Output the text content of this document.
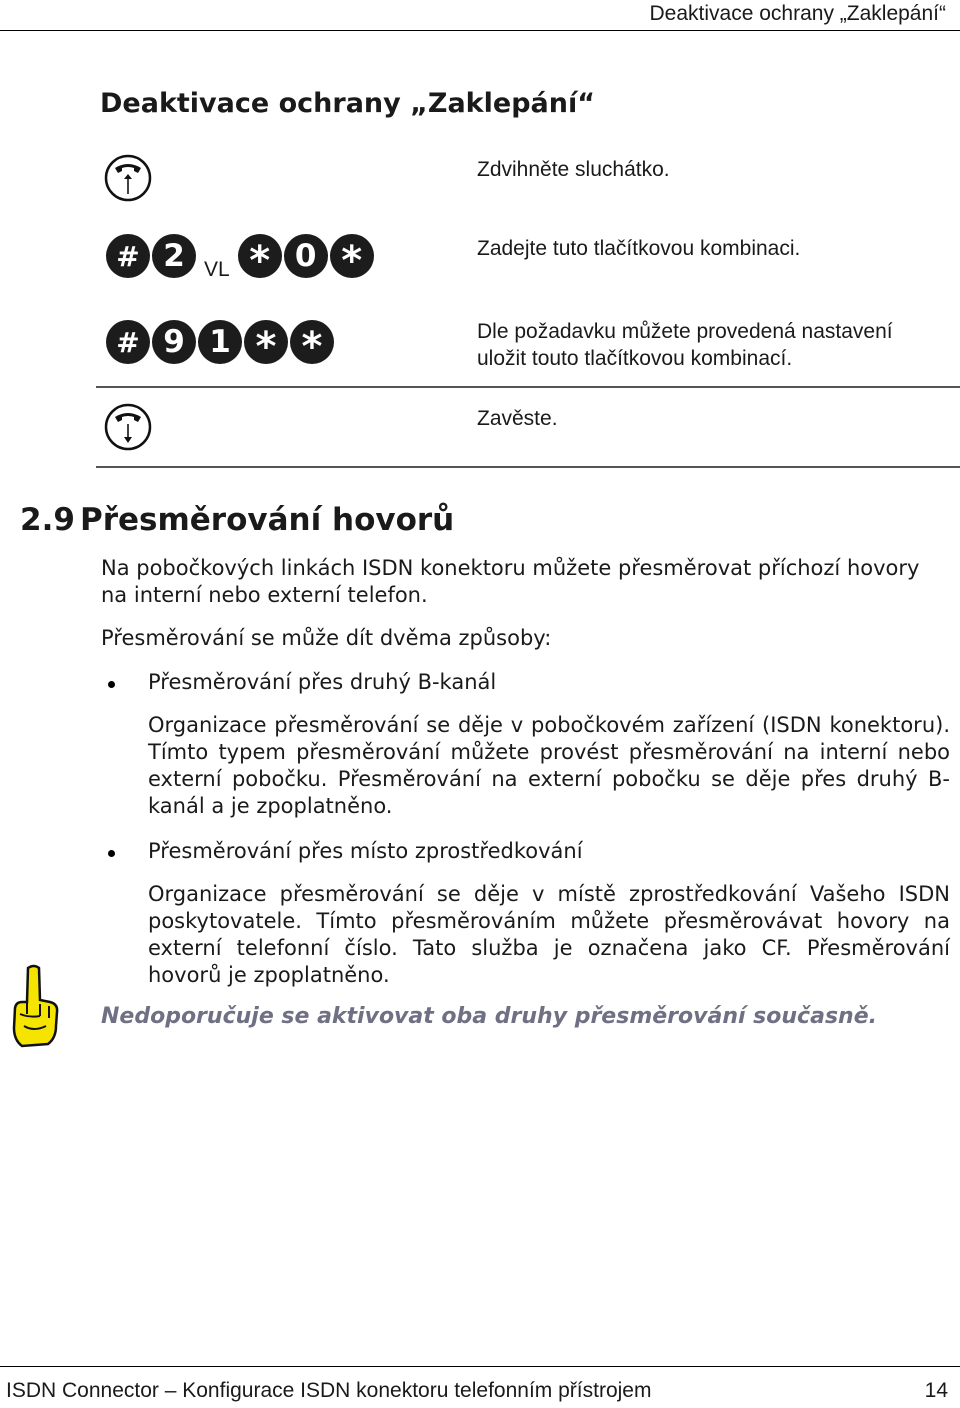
Deaktivace ochrany „Zaklepání“
Deaktivace ochrany „Zaklepání“
Zdvihněte sluchátko.
# 2 VL * 0 *	Zadejte tuto tlačítkovou kombinaci.
# 9 1 * *	Dle požadavku můžete provedená nastavení
uložit touto tlačítkovou kombinací.
Zavěste.
2.9 Přesměrování hovorů
Na pobočkových linkách ISDN konektoru můžete přesměrovat příchozí hovory na interní nebo externí telefon.
Přesměrování se může dít dvěma způsoby:
Přesměrování přes druhý B-kanál
Organizace přesměrování se děje v pobočkovém zařízení (ISDN konektoru). Tímto typem přesměrování můžete provést přesměrování na interní nebo externí pobočku. Přesměrování na externí pobočku se děje přes druhý B-kanál a je zpoplatněno.
Přesměrování přes místo zprostředkování
Organizace přesměrování se děje v místě zprostředkování Vašeho ISDN poskytovatele. Tímto přesměrováním můžete přesměrovávat hovory na externí telefonní číslo. Tato služba je označena jako CF. Přesměrování hovorů je zpoplatněno.
Nedoporučuje se aktivovat oba druhy přesměrování současně.
ISDN Connector – Konfigurace ISDN konektoru telefonním přístrojem	14
